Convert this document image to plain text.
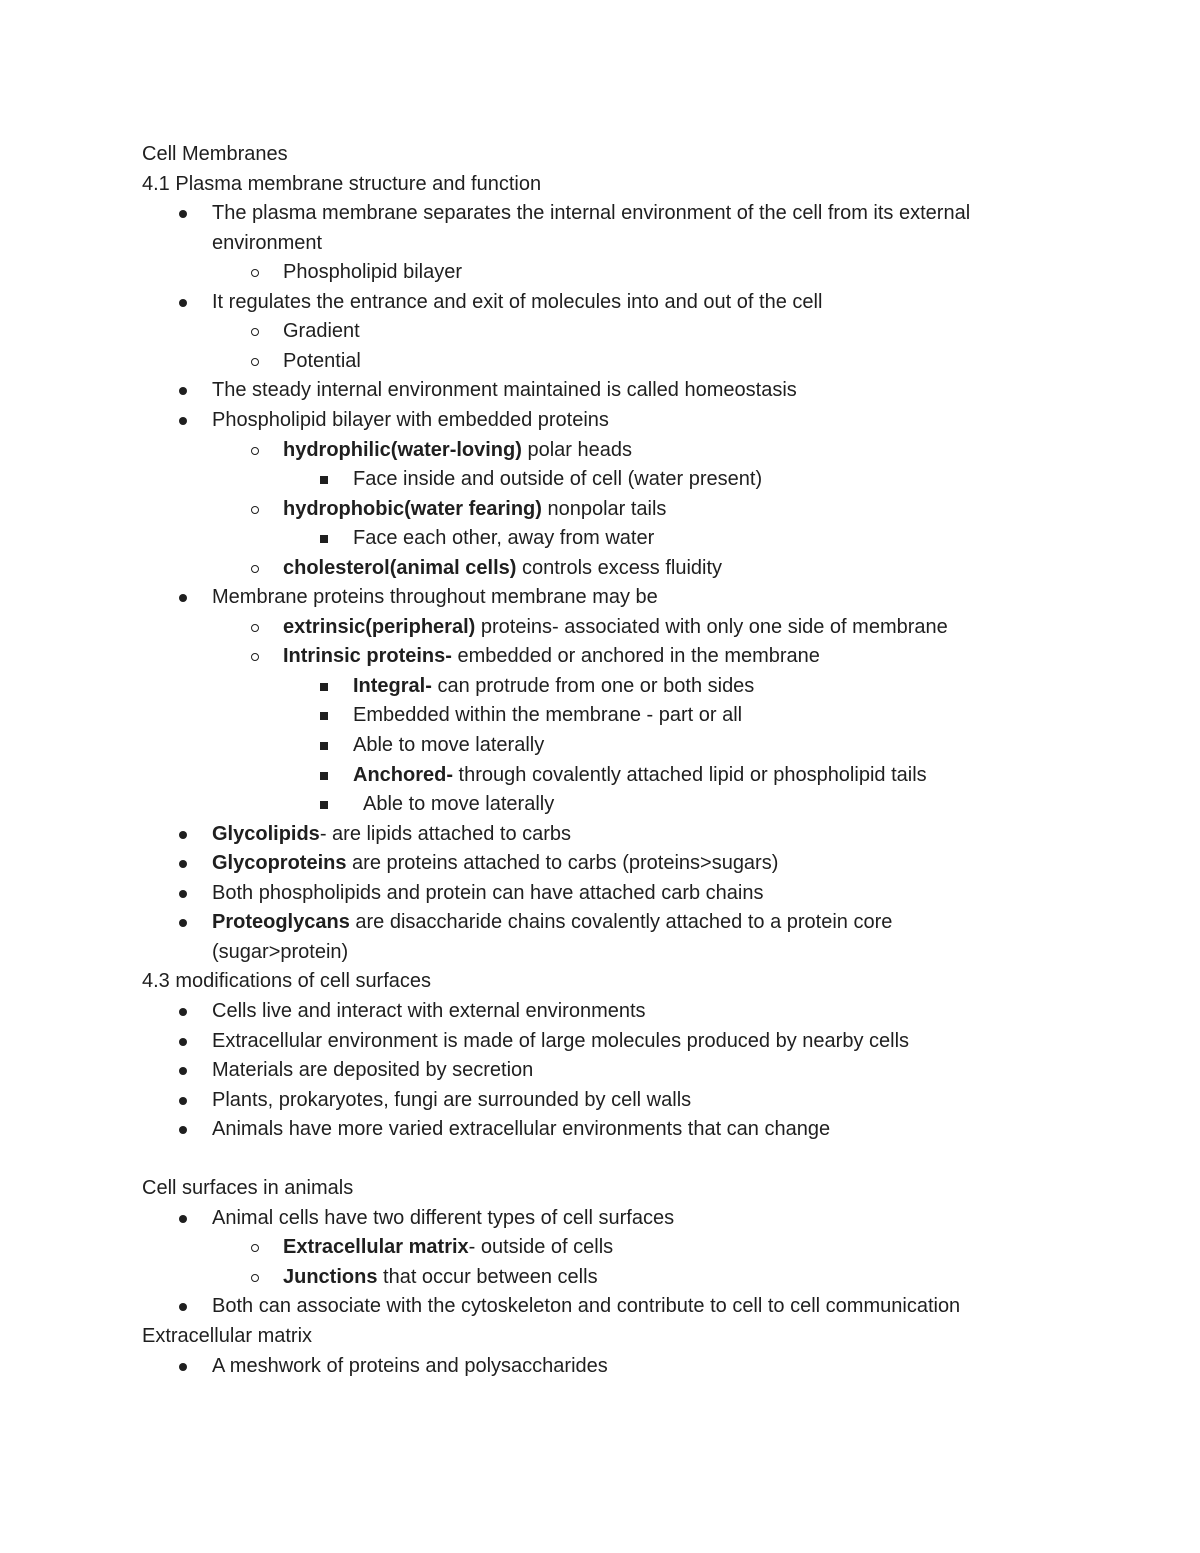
Cell Membranes
4.1 Plasma membrane structure and function
The plasma membrane separates the internal environment of the cell from its external
environment
Phospholipid bilayer
It regulates the entrance and exit of molecules into and out of the cell
Gradient
Potential
The steady internal environment maintained is called homeostasis
Phospholipid bilayer with embedded proteins
hydrophilic(water-loving) polar heads
Face inside and outside of cell (water present)
hydrophobic(water fearing) nonpolar tails
Face each other, away from water
cholesterol(animal cells) controls excess fluidity
Membrane proteins throughout membrane may be
extrinsic(peripheral) proteins- associated with only one side of membrane
Intrinsic proteins- embedded or anchored in the membrane
Integral- can protrude from one or both sides
Embedded within the membrane - part or all
Able to move laterally
Anchored- through covalently attached lipid or phospholipid tails
Able to move laterally
Glycolipids- are lipids attached to carbs
Glycoproteins are proteins attached to carbs (proteins>sugars)
Both phospholipids and protein can have attached carb chains
Proteoglycans are disaccharide chains covalently attached to a protein core
(sugar>protein)
4.3 modifications of cell surfaces
Cells live and interact with external environments
Extracellular environment is made of large molecules produced by nearby cells
Materials are deposited by secretion
Plants, prokaryotes, fungi are surrounded by cell walls
Animals have more varied extracellular environments that can change
Cell surfaces in animals
Animal cells have two different types of cell surfaces
Extracellular matrix- outside of cells
Junctions that occur between cells
Both can associate with the cytoskeleton and contribute to cell to cell communication
Extracellular matrix
A meshwork of proteins and polysaccharides
